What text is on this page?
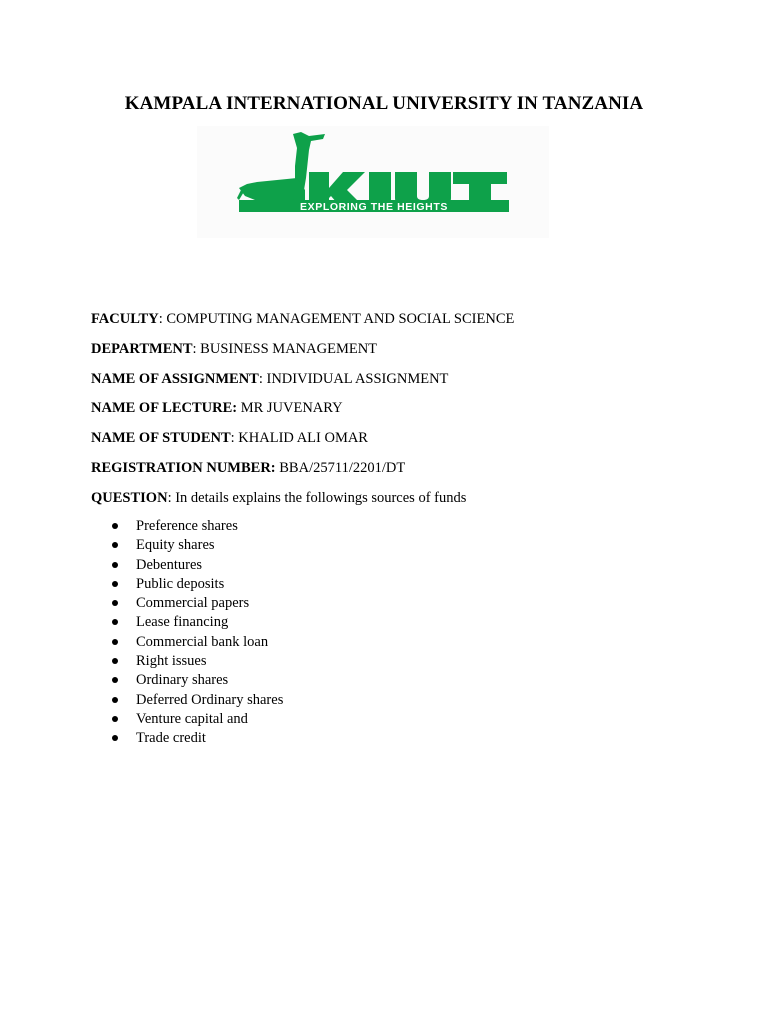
KAMPALA INTERNATIONAL UNIVERSITY IN TANZANIA
EXPLORING THE HEIGHTS
FACULTY: COMPUTING MANAGEMENT AND SOCIAL SCIENCE
DEPARTMENT: BUSINESS MANAGEMENT
NAME OF ASSIGNMENT: INDIVIDUAL ASSIGNMENT
NAME OF LECTURE: MR JUVENARY
NAME OF STUDENT: KHALID ALI OMAR
REGISTRATION NUMBER: BBA/25711/2201/DT
QUESTION: In details explains the followings sources of funds
Preference shares
Equity shares
Debentures
Public deposits
Commercial papers
Lease financing
Commercial bank loan
Right issues
Ordinary shares
Deferred Ordinary shares
Venture capital and
Trade credit
